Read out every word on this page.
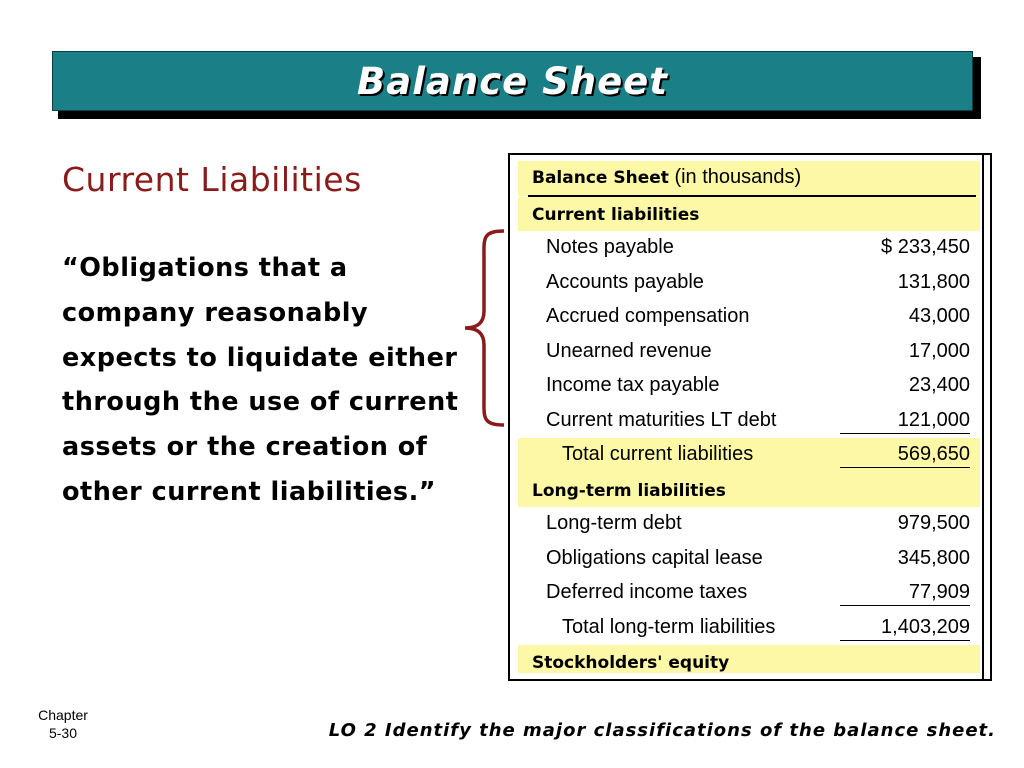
Balance Sheet
Current Liabilities
“Obligations that a company reasonably expects to liquidate either through the use of current assets or the creation of other current liabilities.”
Balance Sheet (in thousands)
Current liabilities
Notes payable	$ 233,450
Accounts payable	131,800
Accrued compensation	43,000
Unearned revenue	17,000
Income tax payable	23,400
Current maturities LT debt	121,000
Total current liabilities	569,650
Long-term liabilities
Long-term debt	979,500
Obligations capital lease	345,800
Deferred income taxes	77,909
Total long-term liabilities	1,403,209
Stockholders' equity
Chapter
5-30	LO 2 Identify the major classifications of the balance sheet.
